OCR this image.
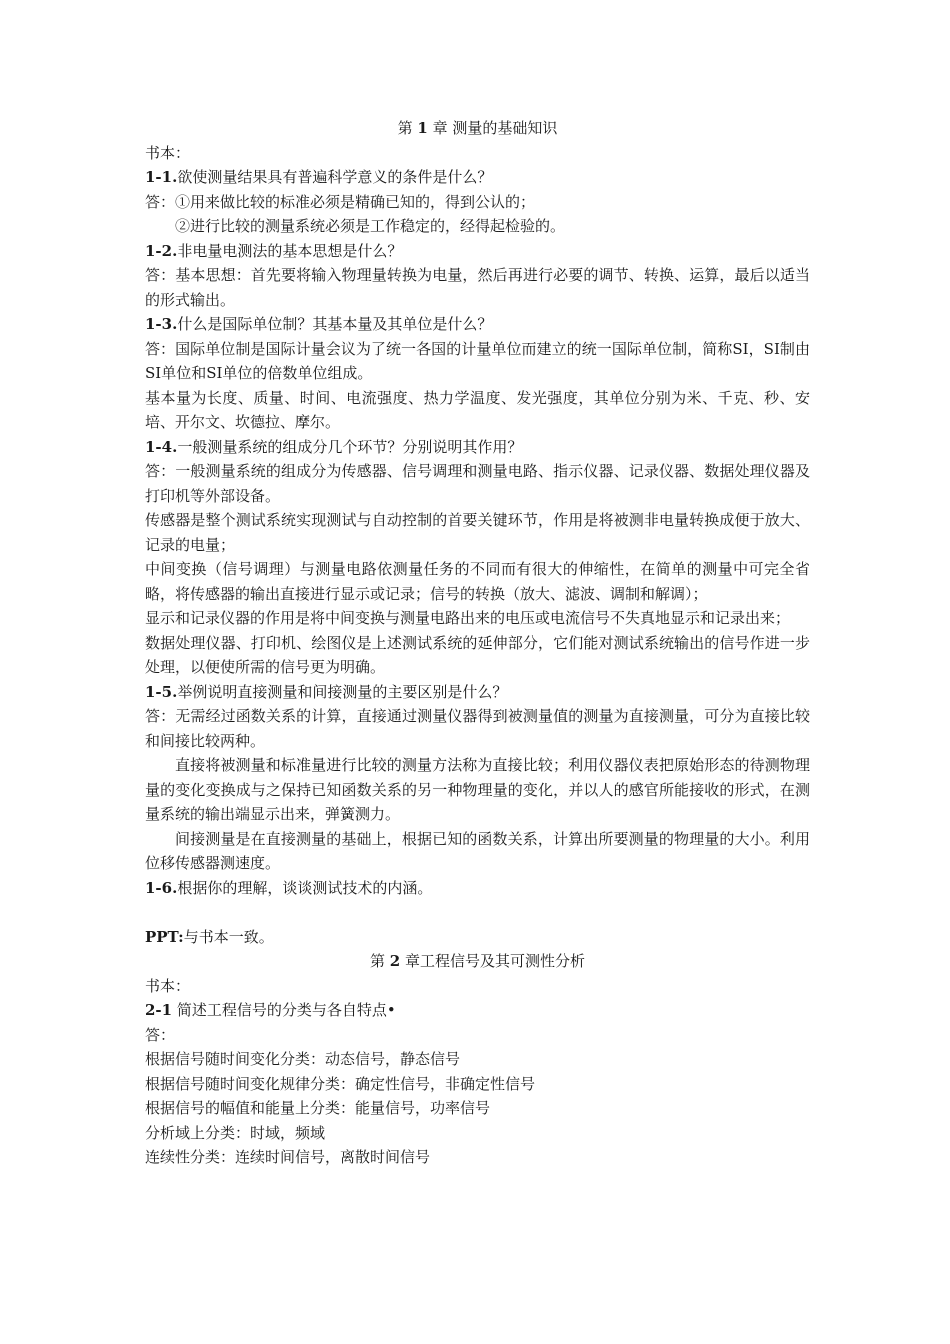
第 1 章 测量的基础知识
书本：
1-1.欲使测量结果具有普遍科学意义的条件是什么？
答：①用来做比较的标准必须是精确已知的，得到公认的；
②进行比较的测量系统必须是工作稳定的，经得起检验的。
1-2.非电量电测法的基本思想是什么？
答：基本思想：首先要将输入物理量转换为电量，然后再进行必要的调节、转换、运算，最后以适当的形式输出。
1-3.什么是国际单位制？其基本量及其单位是什么？
答：国际单位制是国际计量会议为了统一各国的计量单位而建立的统一国际单位制，简称SI，SI制由SI单位和SI单位的倍数单位组成。
基本量为长度、质量、时间、电流强度、热力学温度、发光强度，其单位分别为米、千克、秒、安培、开尔文、坎德拉、摩尔。
1-4.一般测量系统的组成分几个环节？分别说明其作用？
答：一般测量系统的组成分为传感器、信号调理和测量电路、指示仪器、记录仪器、数据处理仪器及打印机等外部设备。
传感器是整个测试系统实现测试与自动控制的首要关键环节，作用是将被测非电量转换成便于放大、记录的电量；
中间变换（信号调理）与测量电路依测量任务的不同而有很大的伸缩性，在简单的测量中可完全省略，将传感器的输出直接进行显示或记录；信号的转换（放大、滤波、调制和解调）；
显示和记录仪器的作用是将中间变换与测量电路出来的电压或电流信号不失真地显示和记录出来；
数据处理仪器、打印机、绘图仪是上述测试系统的延伸部分，它们能对测试系统输出的信号作进一步处理，以便使所需的信号更为明确。
1-5.举例说明直接测量和间接测量的主要区别是什么？
答：无需经过函数关系的计算，直接通过测量仪器得到被测量值的测量为直接测量，可分为直接比较和间接比较两种。
直接将被测量和标准量进行比较的测量方法称为直接比较；利用仪器仪表把原始形态的待测物理量的变化变换成与之保持已知函数关系的另一种物理量的变化，并以人的感官所能接收的形式，在测量系统的输出端显示出来，弹簧测力。
间接测量是在直接测量的基础上，根据已知的函数关系，计算出所要测量的物理量的大小。利用位移传感器测速度。
1-6.根据你的理解，谈谈测试技术的内涵。
PPT:与书本一致。
第 2 章工程信号及其可测性分析
书本：
2-1 简述工程信号的分类与各自特点•
答：
根据信号随时间变化分类：动态信号，静态信号
根据信号随时间变化规律分类：确定性信号，非确定性信号
根据信号的幅值和能量上分类：能量信号，功率信号
分析域上分类：时域，频域
连续性分类：连续时间信号，离散时间信号
